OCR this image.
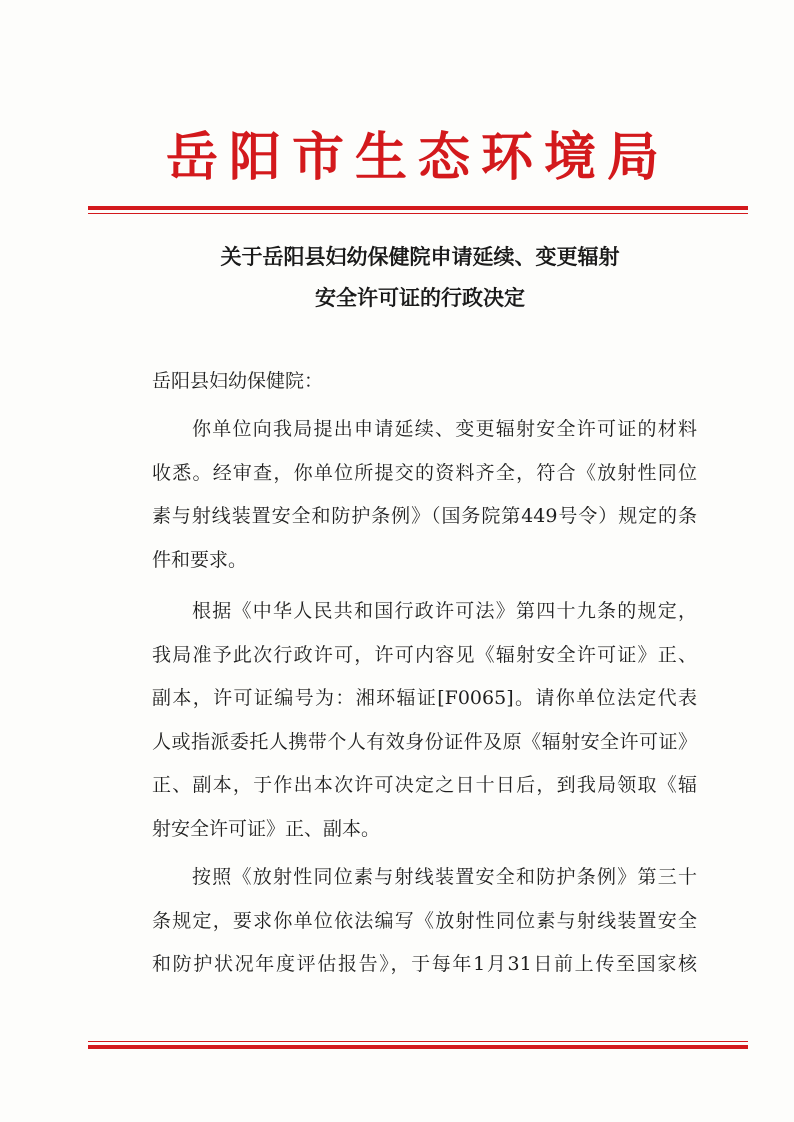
岳阳市生态环境局
关于岳阳县妇幼保健院申请延续、变更辐射
安全许可证的行政决定

岳阳县妇幼保健院：

你单位向我局提出申请延续、变更辐射安全许可证的材料

收悉。经审查，你单位所提交的资料齐全，符合《放射性同位

素与射线装置安全和防护条例》（国务院第449号令）规定的条

件和要求。

根据《中华人民共和国行政许可法》第四十九条的规定，

我局准予此次行政许可，许可内容见《辐射安全许可证》正、

副本，许可证编号为：湘环辐证[F0065]。请你单位法定代表

人或指派委托人携带个人有效身份证件及原《辐射安全许可证》

正、副本，于作出本次许可决定之日十日后，到我局领取《辐

射安全许可证》正、副本。

按照《放射性同位素与射线装置安全和防护条例》第三十

条规定，要求你单位依法编写《放射性同位素与射线装置安全

和防护状况年度评估报告》，于每年1月31日前上传至国家核
